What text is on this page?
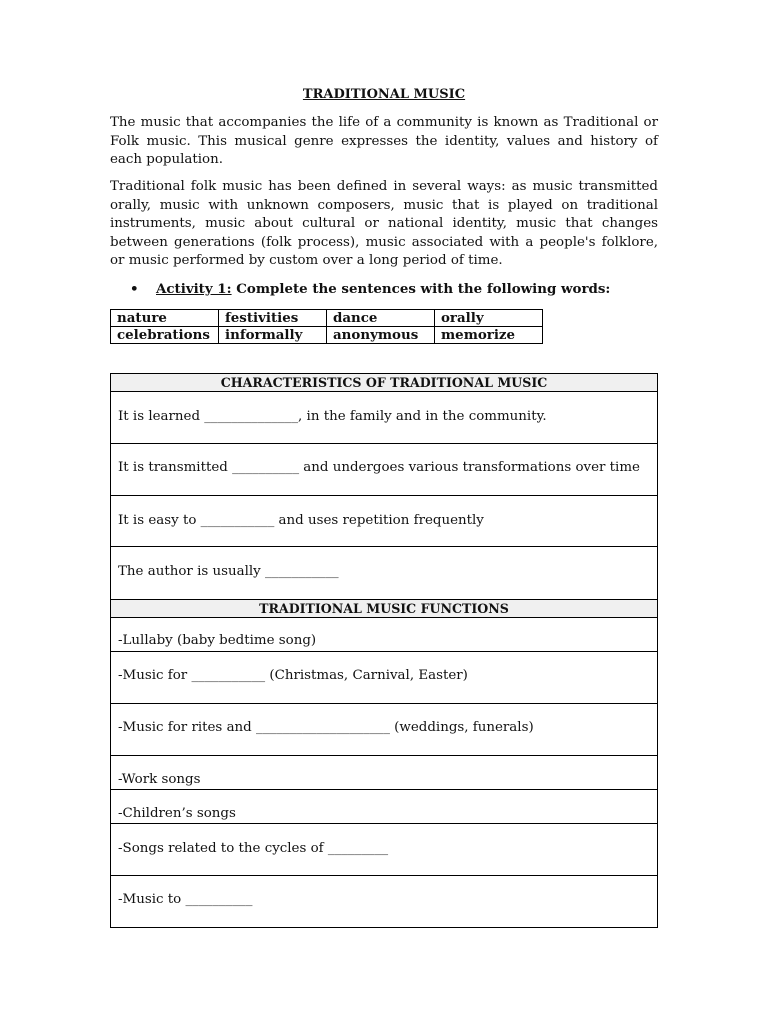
TRADITIONAL MUSIC

The music that accompanies the life of a community is known as Traditional or Folk music. This musical genre expresses the identity, values and history of each population.

Traditional folk music has been defined in several ways: as music transmitted orally, music with unknown composers, music that is played on traditional instruments, music about cultural or national identity, music that changes between generations (folk process), music associated with a people's folklore, or music performed by custom over a long period of time.

• Activity 1: Complete the sentences with the following words:
nature	festivities	dance	orally
celebrations	informally	anonymous	memorize
CHARACTERISTICS OF TRADITIONAL MUSIC
It is learned ______________, in the family and in the community.
It is transmitted __________ and undergoes various transformations over time
It is easy to ___________ and uses repetition frequently
The author is usually ___________
TRADITIONAL MUSIC FUNCTIONS
-Lullaby (baby bedtime song)
-Music for ___________ (Christmas, Carnival, Easter)
-Music for rites and ____________________ (weddings, funerals)
-Work songs
-Children’s songs
-Songs related to the cycles of _________
-Music to __________
